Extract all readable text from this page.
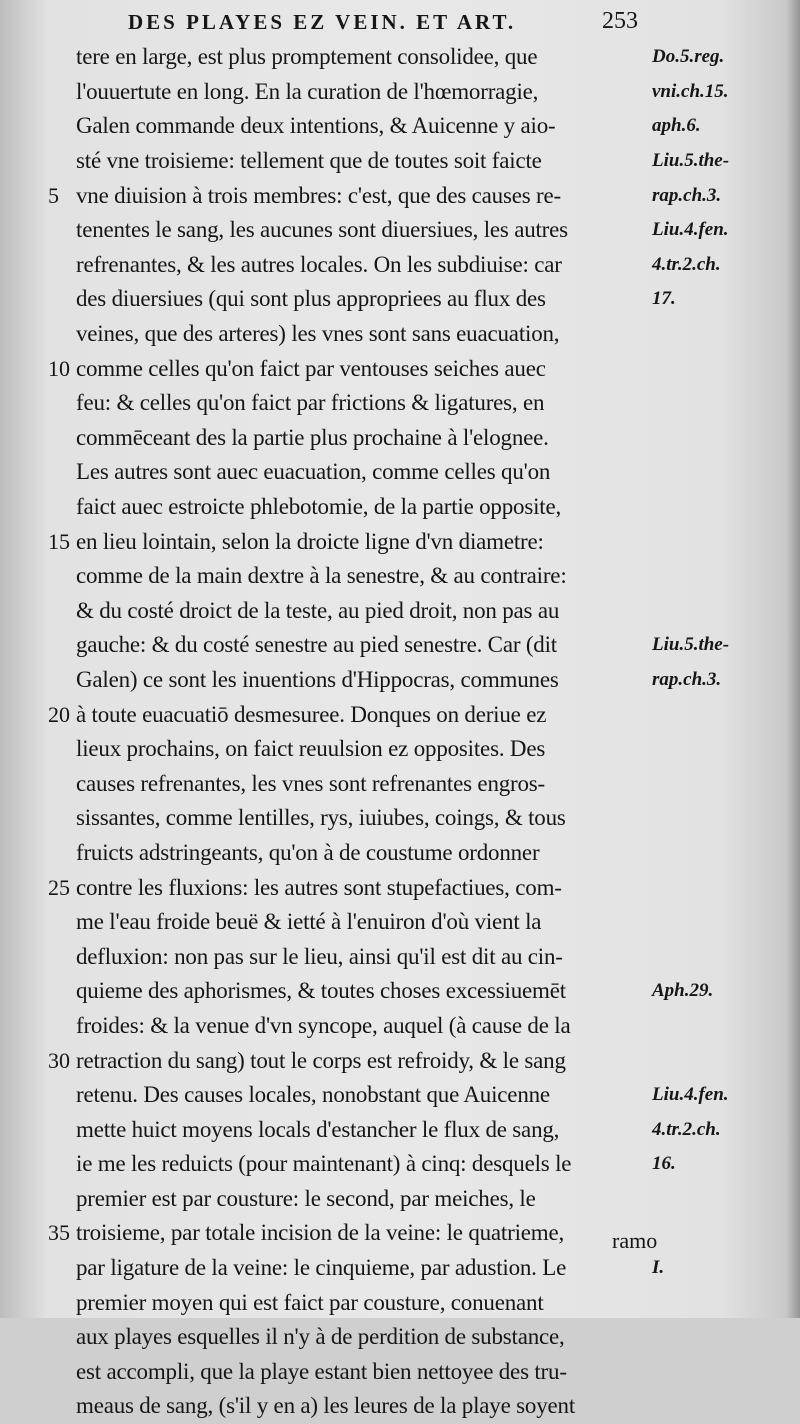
DES PLAYES EZ VEIN. ET ART.	253
tere en large, est plus promptement consolidee, que	Do.5.reg.
l'ouuertute en long. En la curation de l'hœmorragie,	vni.ch.15.
Galen commande deux intentions, & Auicenne y aio-	aph.6.
sté vne troisieme: tellement que de toutes soit faicte	Liu.5.the-
5 vne diuision à trois membres: c'est, que des causes re-	rap.ch.3.
tenentes le sang, les aucunes sont diuersiues, les autres	Liu.4.fen.
refrenantes, & les autres locales. On les subdiuise: car	4.tr.2.ch.
des diuersiues (qui sont plus appropriees au flux des	17.
veines, que des arteres) les vnes sont sans euacuation,
10 comme celles qu'on faict par ventouses seiches auec
feu: & celles qu'on faict par frictions & ligatures, en
commēceant des la partie plus prochaine à l'elognee.
Les autres sont auec euacuation, comme celles qu'on
faict auec estroicte phlebotomie, de la partie opposite,
15 en lieu lointain, selon la droicte ligne d'vn diametre:
comme de la main dextre à la senestre, & au contraire:
& du costé droict de la teste, au pied droit, non pas au
gauche: & du costé senestre au pied senestre. Car (dit	Liu.5.the-
Galen) ce sont les inuentions d'Hippocras, communes	rap.ch.3.
20 à toute euacuatiō desmesuree. Donques on deriue ez
lieux prochains, on faict reuulsion ez opposites. Des
causes refrenantes, les vnes sont refrenantes engros-
sissantes, comme lentilles, rys, iuiubes, coings, & tous
fruicts adstringeants, qu'on à de coustume ordonner
25 contre les fluxions: les autres sont stupefactiues, com-
me l'eau froide beuë & ietté à l'enuiron d'où vient la
defluxion: non pas sur le lieu, ainsi qu'il est dit au cin-
quieme des aphorismes, & toutes choses excessiuemēt	Aph.29.
froides: & la venue d'vn syncope, auquel (à cause de la
30 retraction du sang) tout le corps est refroidy, & le sang
retenu. Des causes locales, nonobstant que Auicenne	Liu.4.fen.
mette huict moyens locals d'estancher le flux de sang,	4.tr.2.ch.
ie me les reduicts (pour maintenant) à cinq: desquels le	16.
premier est par cousture: le second, par meiches, le
35 troisieme, par totale incision de la veine: le quatrieme,
par ligature de la veine: le cinquieme, par adustion. Le	I.
premier moyen qui est faict par cousture, conuenant
aux playes esquelles il n'y à de perdition de substance,
est accompli, que la playe estant bien nettoyee des tru-
meaus de sang, (s'il y en a) les leures de la playe soyent
ramo
